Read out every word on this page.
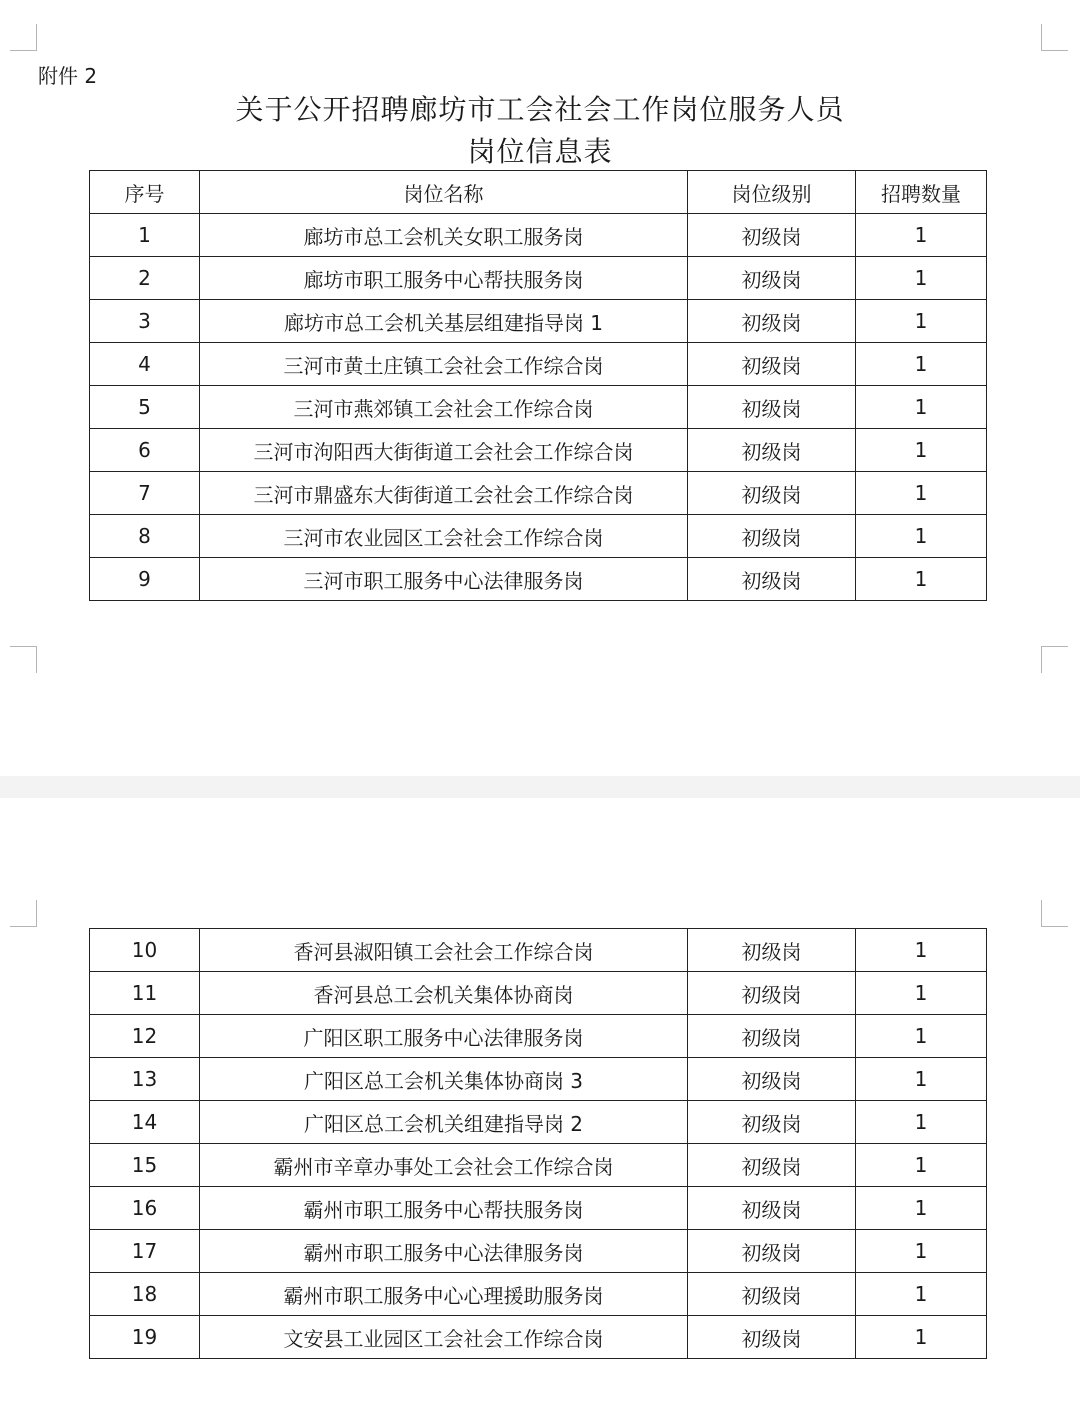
附件 2
关于公开招聘廊坊市工会社会工作岗位服务人员
岗位信息表
序号	岗位名称	岗位级别	招聘数量
1	廊坊市总工会机关女职工服务岗	初级岗	1
2	廊坊市职工服务中心帮扶服务岗	初级岗	1
3	廊坊市总工会机关基层组建指导岗 1	初级岗	1
4	三河市黄土庄镇工会社会工作综合岗	初级岗	1
5	三河市燕郊镇工会社会工作综合岗	初级岗	1
6	三河市泃阳西大街街道工会社会工作综合岗	初级岗	1
7	三河市鼎盛东大街街道工会社会工作综合岗	初级岗	1
8	三河市农业园区工会社会工作综合岗	初级岗	1
9	三河市职工服务中心法律服务岗	初级岗	1
10	香河县淑阳镇工会社会工作综合岗	初级岗	1
11	香河县总工会机关集体协商岗	初级岗	1
12	广阳区职工服务中心法律服务岗	初级岗	1
13	广阳区总工会机关集体协商岗 3	初级岗	1
14	广阳区总工会机关组建指导岗 2	初级岗	1
15	霸州市辛章办事处工会社会工作综合岗	初级岗	1
16	霸州市职工服务中心帮扶服务岗	初级岗	1
17	霸州市职工服务中心法律服务岗	初级岗	1
18	霸州市职工服务中心心理援助服务岗	初级岗	1
19	文安县工业园区工会社会工作综合岗	初级岗	1
